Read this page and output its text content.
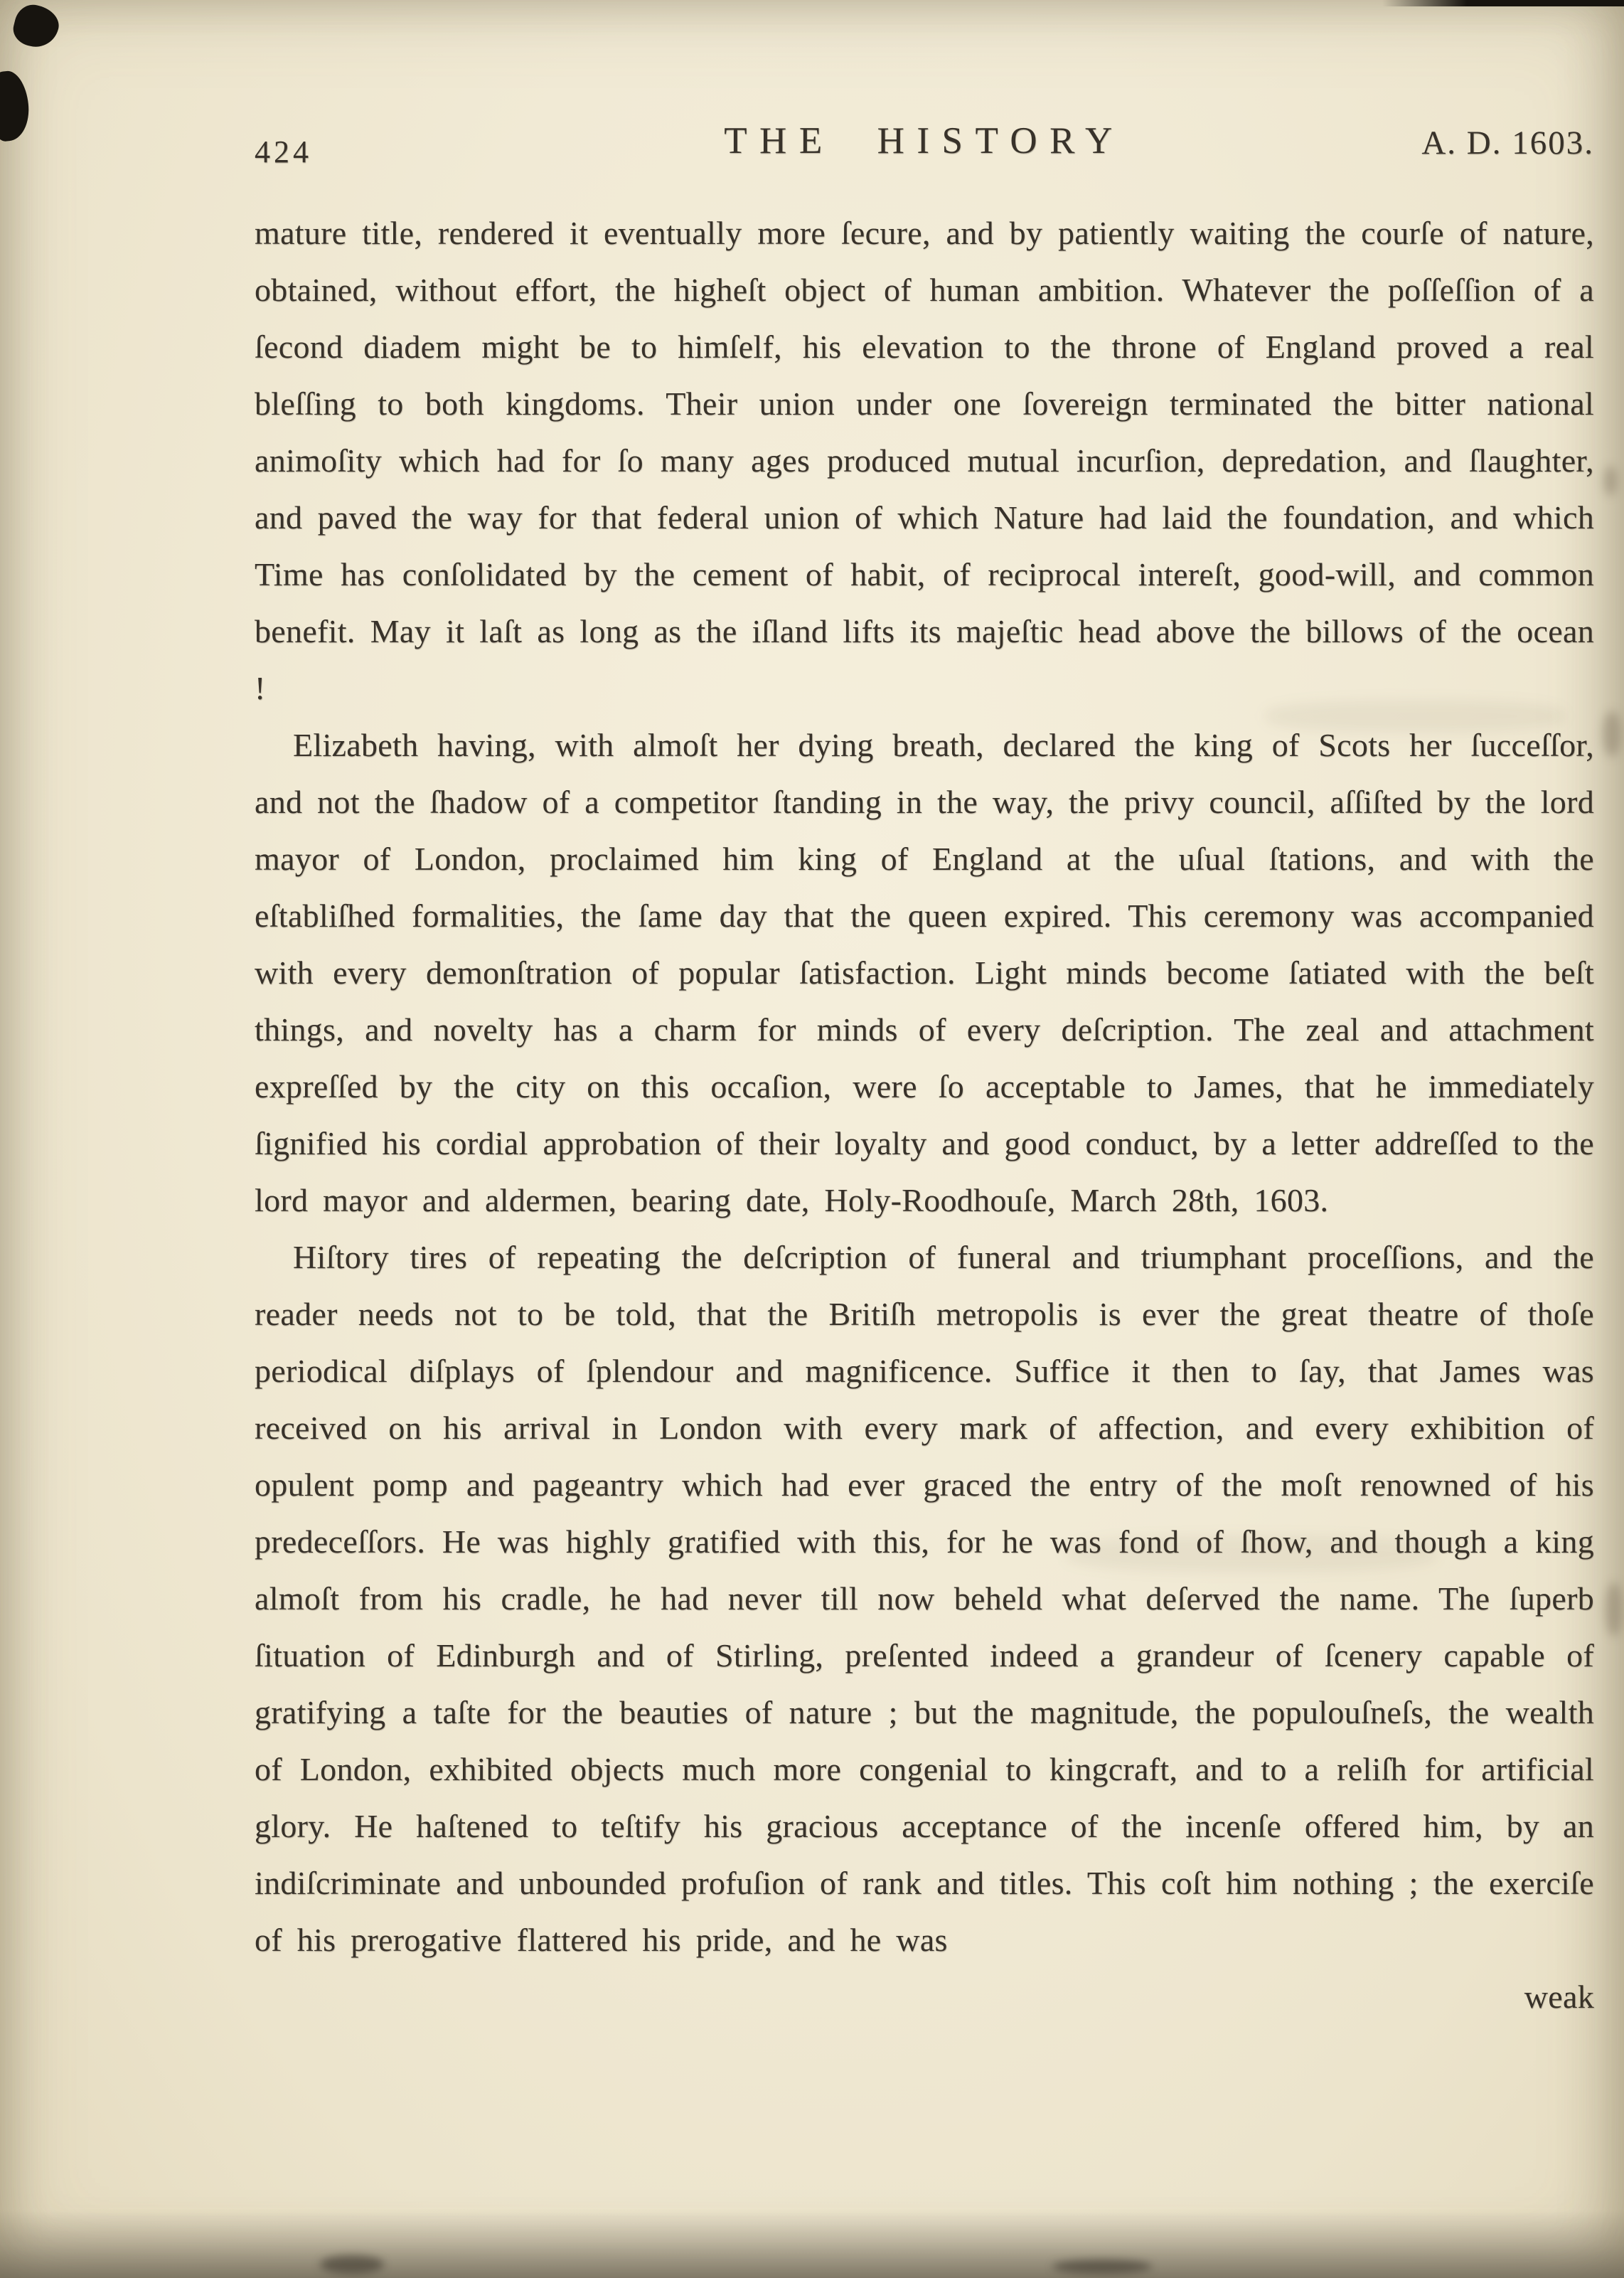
424	THE HISTORY	A. D. 1603.

mature title, rendered it eventually more ſecure, and by patiently waiting the courſe of nature, obtained, without effort, the higheſt object of human ambition. Whatever the poſſeſſion of a ſecond diadem might be to himſelf, his elevation to the throne of England proved a real bleſſing to both kingdoms. Their union under one ſovereign terminated the bitter national animoſity which had for ſo many ages produced mutual incurſion, depredation, and ſlaughter, and paved the way for that federal union of which Nature had laid the foundation, and which Time has conſolidated by the cement of habit, of reciprocal intereſt, good-will, and common benefit. May it laſt as long as the iſland lifts its majeſtic head above the billows of the ocean !

Elizabeth having, with almoſt her dying breath, declared the king of Scots her ſucceſſor, and not the ſhadow of a competitor ſtanding in the way, the privy council, aſſiſted by the lord mayor of London, proclaimed him king of England at the uſual ſtations, and with the eſtabliſhed formalities, the ſame day that the queen expired. This ceremony was accompanied with every demonſtration of popular ſatisfaction. Light minds become ſatiated with the beſt things, and novelty has a charm for minds of every deſcription. The zeal and attachment expreſſed by the city on this occaſion, were ſo acceptable to James, that he immediately ſignified his cordial approbation of their loyalty and good conduct, by a letter addreſſed to the lord mayor and aldermen, bearing date, Holy-Roodhouſe, March 28th, 1603.

Hiſtory tires of repeating the deſcription of funeral and triumphant proceſſions, and the reader needs not to be told, that the Britiſh metropolis is ever the great theatre of thoſe periodical diſplays of ſplendour and magnificence. Suffice it then to ſay, that James was received on his arrival in London with every mark of affection, and every exhibition of opulent pomp and pageantry which had ever graced the entry of the moſt renowned of his predeceſſors. He was highly gratified with this, for he was fond of ſhow, and though a king almoſt from his cradle, he had never till now beheld what deſerved the name. The ſuperb ſituation of Edinburgh and of Stirling, preſented indeed a grandeur of ſcenery capable of gratifying a taſte for the beauties of nature ; but the magnitude, the populouſneſs, the wealth of London, exhibited objects much more congenial to kingcraft, and to a reliſh for artificial glory. He haſtened to teſtify his gracious acceptance of the incenſe offered him, by an indiſcriminate and unbounded profuſion of rank and titles. This coſt him nothing ; the exerciſe of his prerogative flattered his pride, and he was

weak
